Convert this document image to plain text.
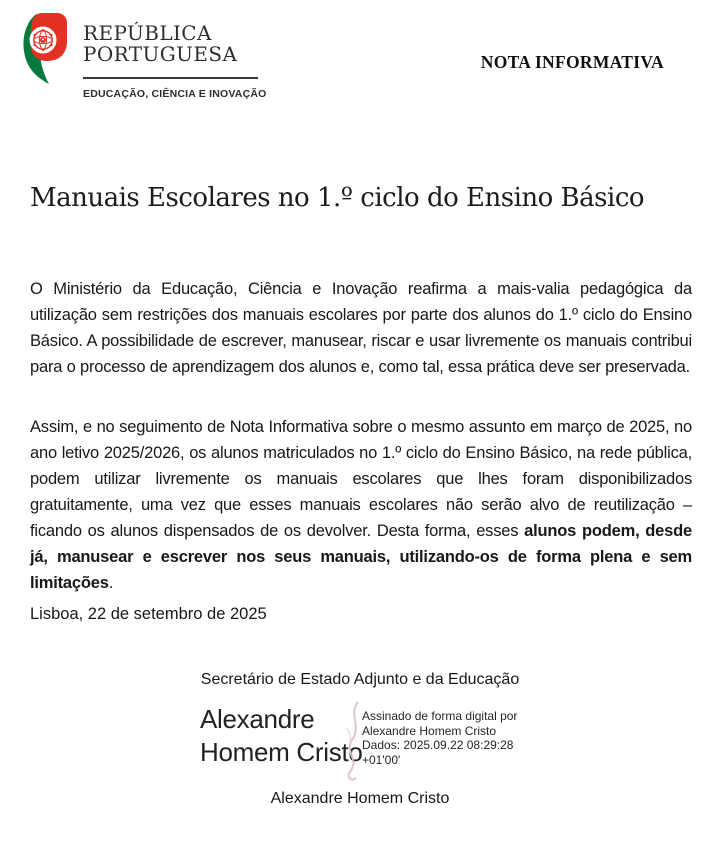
REPÚBLICA
PORTUGUESA
EDUCAÇÃO, CIÊNCIA E INOVAÇÃO
NOTA INFORMATIVA
Manuais Escolares no 1.º ciclo do Ensino Básico

O Ministério da Educação, Ciência e Inovação reafirma a mais-valia pedagógica da utilização sem restrições dos manuais escolares por parte dos alunos do 1.º ciclo do Ensino Básico. A possibilidade de escrever, manusear, riscar e usar livremente os manuais contribui para o processo de aprendizagem dos alunos e, como tal, essa prática deve ser preservada.

Assim, e no seguimento de Nota Informativa sobre o mesmo assunto em março de 2025, no ano letivo 2025/2026, os alunos matriculados no 1.º ciclo do Ensino Básico, na rede pública, podem utilizar livremente os manuais escolares que lhes foram disponibilizados gratuitamente, uma vez que esses manuais escolares não serão alvo de reutilização – ficando os alunos dispensados de os devolver. Desta forma, esses alunos podem, desde já, manusear e escrever nos seus manuais, utilizando-os de forma plena e sem limitações.

Lisboa, 22 de setembro de 2025
Secretário de Estado Adjunto e da Educação
Alexandre Homem Cristo
Assinado de forma digital por
Alexandre Homem Cristo
Dados: 2025.09.22 08:29:28
+01'00'
Alexandre Homem Cristo
